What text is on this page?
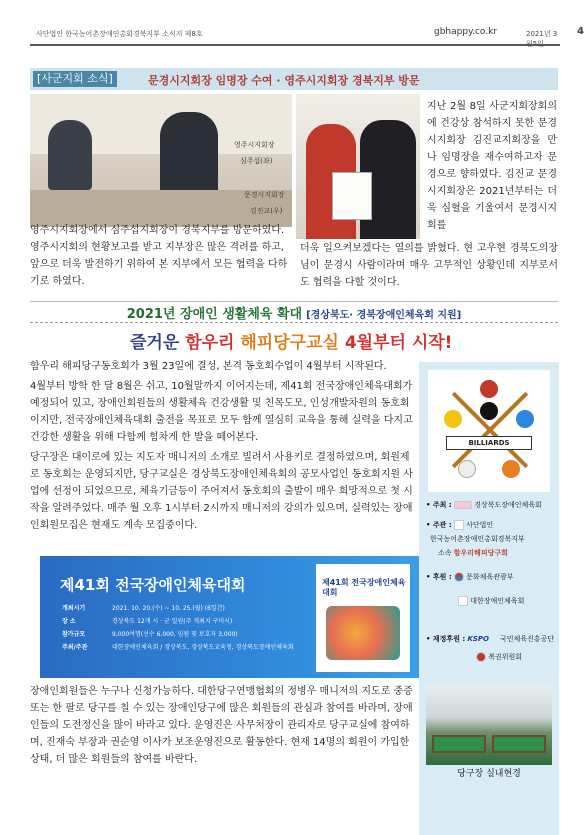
사단법인 한국농어촌장애인총회경북지부 소식지 제8호	gbhappy.co.kr	2021년 3 4
[사군지회 소식]	문경시지회장 임명장 수여 · 영주시지회장 경북지부 방문
영주시지회장
심주섭(좌)
문경시지회장
김진교(우)

지난 2월 8일 사군지회장회의에 건강상 참석하지 못한 문경시지회장 김진교지회장을 만나 임명장을 재수여하고자 문경으로 향하였다. 김진교 문경시지회장은 2021년부터는 더욱 심혈을 기울여서 문경시지회를

영주시지회장에서 심주섭지회장이 경북지부를 방문하였다. 영주시지회의 현황보고를 받고 지부장은 많은 격려를 하고, 앞으로 더욱 발전하기 위하여 본 지부에서 모든 협력을 다하기로 하였다.

더욱 일으켜보겠다는 열의를 밝혔다. 현 고우현 경북도의장님이 문경시 사람이라며 매우 고무적인 상황인데 지부로서도 협력을 다할 것이다.

2021년 장애인 생활체육 확대 [경상북도· 경북장애인체육회 지원]
즐거운 함우리 해피당구교실 4월부터 시작!

함우리 해피당구동호회가 3월 23일에 결성, 본격 동호회수업이 4월부터 시작된다.

4월부터 방학 한 달 8월은 쉬고, 10월말까지 이어지는데, 제41회 전국장애인체육대회가 예정되어 있고, 장애인회원들의 생활체육 건강생활 및 친목도모, 인성개발차원의 동호회이지만, 전국장애인체육대회 출전을 목표로 모두 함께 열심히 교육을 통해 실력을 다지고 건강한 생활을 위해 다함께 힘차게 한 발을 떼어본다.

당구장은 대이로에 있는 지도자 매니저의 소개로 빌려서 사용키로 결정하였으며, 회원제로 동호회는 운영되지만, 당구교실은 경상북도장애인체육회의 공모사업인 동호회지원 사업에 선정이 되었으므로, 체육기금등이 주어져서 동호회의 출발이 매우 희망적으로 첫 시작을 알려주었다. 매주 월 오후 1시부터 2시까지 매니저의 강의가 있으며, 실력있는 장애인회원모집은 현재도 계속 모집중이다.

제41회 전국장애인체육대회
개최시기	2021. 10. 20.(수) ~ 10. 25.(월) (6일간)
장 소	경상북도 12개 시 · 군 일원(주 개최지 구미시)
참가규모	9,000여명(선수 6,000, 임원 및 보호자 3,000)
주최/주관	대한장애인체육회 / 경상북도, 경상북도교육청, 경상북도장애인체육회
제41회 전국장애인체육대회

장애인회원들은 누구나 신청가능하다. 대한당구연맹협회의 정병우 매니저의 지도로 중증 또는 한 팔로 당구를 칠 수 있는 장애인당구에 많은 회원들의 관심과 참여를 바라며, 장애인들의 도전정신을 많이 바라고 있다. 운영진은 사무처장이 관리자로 당구교실에 참여하며, 진재숙 부장과 권순영 이사가 보조운영진으로 활동한다. 현재 14명의 회원이 가입한 상태, 더 많은 회원들의 참여를 바란다.

BILLIARDS
• 주최 :	경상북도장애인체육회
• 주관 : 사단법인
한국농어촌장애인총회경북지부
소속 함우리해피당구회
• 후원 : 문화체육관광부
대한장애인체육회
• 재정후원 : KSPO 국민체육진흥공단
복권위원회
당구장 실내현경
